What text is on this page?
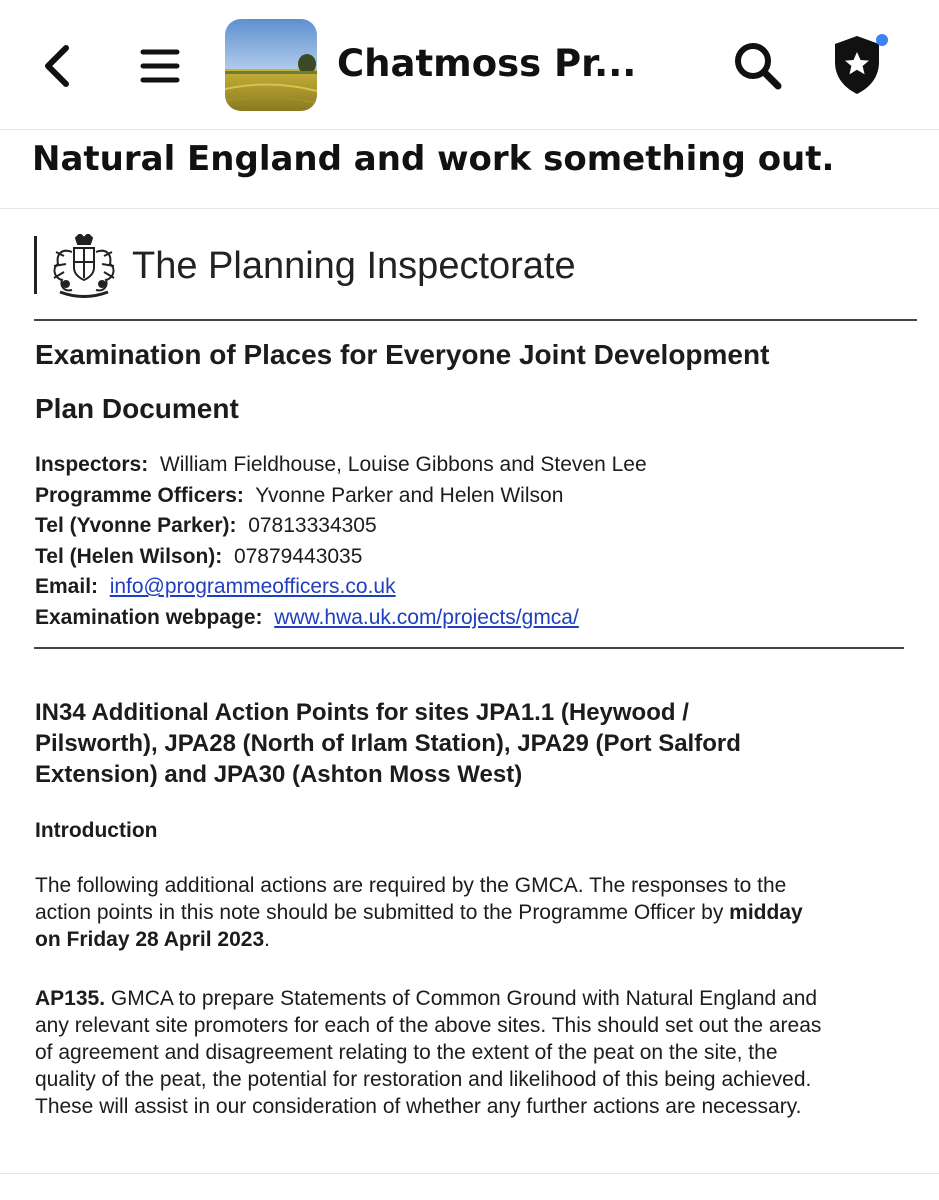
Chatmoss Pr...
Natural England and work something out.
The Planning Inspectorate
Examination of Places for Everyone Joint Development
Plan Document
Inspectors: William Fieldhouse, Louise Gibbons and Steven Lee
Programme Officers: Yvonne Parker and Helen Wilson
Tel (Yvonne Parker): 07813334305
Tel (Helen Wilson): 07879443035
Email: info@programmeofficers.co.uk
Examination webpage: www.hwa.uk.com/projects/gmca/
IN34 Additional Action Points for sites JPA1.1 (Heywood /
Pilsworth), JPA28 (North of Irlam Station), JPA29 (Port Salford
Extension) and JPA30 (Ashton Moss West)
Introduction
The following additional actions are required by the GMCA. The responses to the
action points in this note should be submitted to the Programme Officer by midday
on Friday 28 April 2023.
AP135. GMCA to prepare Statements of Common Ground with Natural England and
any relevant site promoters for each of the above sites. This should set out the areas
of agreement and disagreement relating to the extent of the peat on the site, the
quality of the peat, the potential for restoration and likelihood of this being achieved.
These will assist in our consideration of whether any further actions are necessary.
